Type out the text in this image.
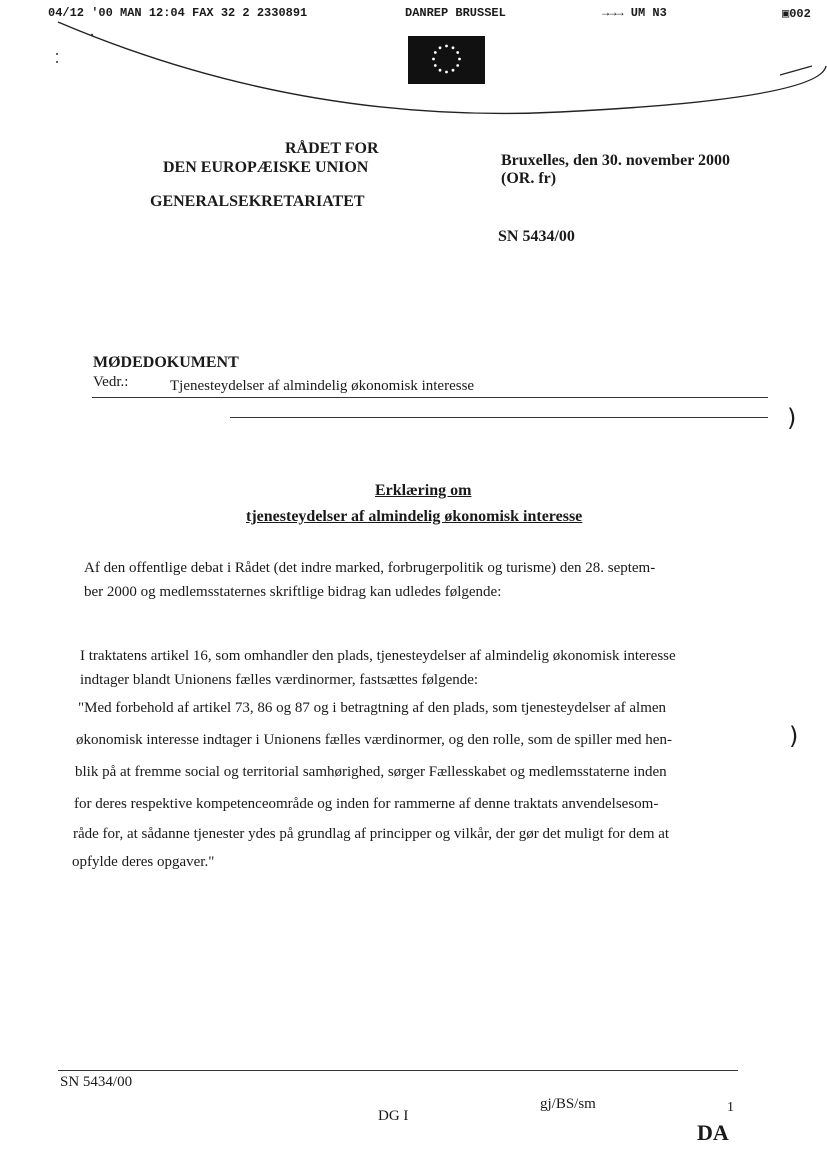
04/12 '00 MAN 12:04 FAX 32 2 2330891	DANREP BRUSSEL	→→→ UM N3	▣002
RÅDET FOR
DEN EUROPÆISKE UNION
GENERALSEKRETARIATET
Bruxelles, den 30. november 2000
(OR. fr)
SN 5434/00
MØDEDOKUMENT
Vedr.:	Tjenesteydelser af almindelig økonomisk interesse
)
Erklæring om
tjenesteydelser af almindelig økonomisk interesse
Af den offentlige debat i Rådet (det indre marked, forbrugerpolitik og turisme) den 28. septem-
ber 2000 og medlemsstaternes skriftlige bidrag kan udledes følgende:
I traktatens artikel 16, som omhandler den plads, tjenesteydelser af almindelig økonomisk interesse
indtager blandt Unionens fælles værdinormer, fastsættes følgende:
"Med forbehold af artikel 73, 86 og 87 og i betragtning af den plads, som tjenesteydelser af almen
økonomisk interesse indtager i Unionens fælles værdinormer, og den rolle, som de spiller med hen-
blik på at fremme social og territorial samhørighed, sørger Fællesskabet og medlemsstaterne inden
for deres respektive kompetenceområde og inden for rammerne af denne traktats anvendelsesom-
råde for, at sådanne tjenester ydes på grundlag af principper og vilkår, der gør det muligt for dem at
opfylde deres opgaver."
)
SN 5434/00
DG I
gj/BS/sm	1
DA
